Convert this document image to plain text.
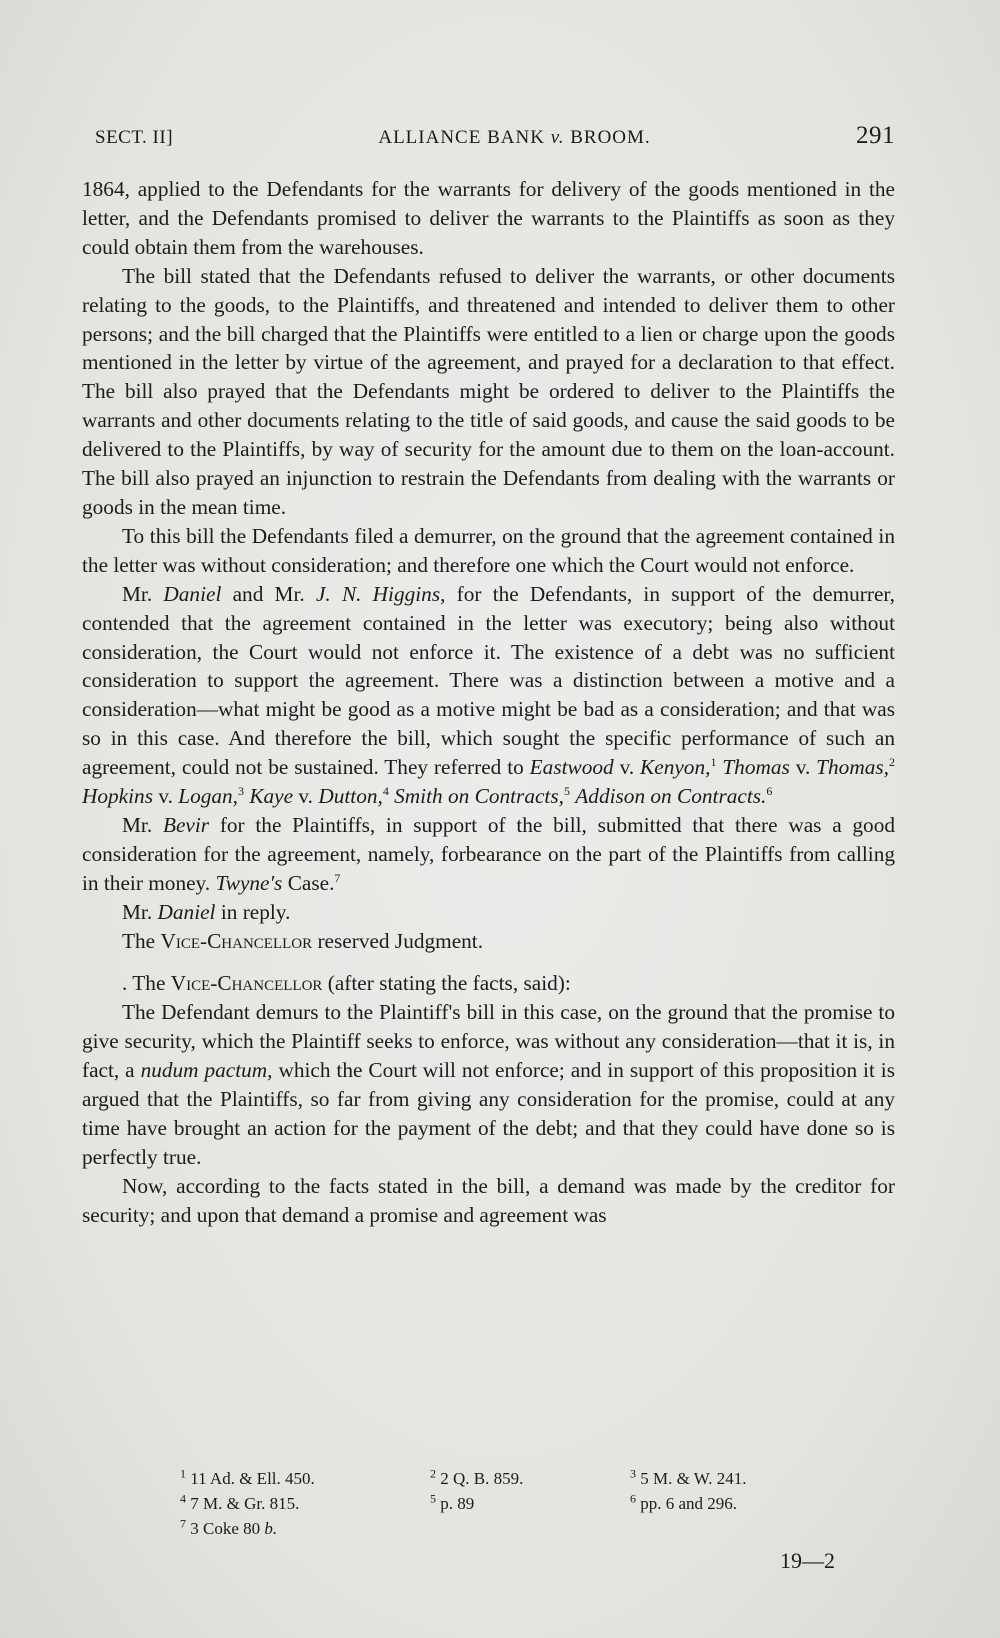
SECT. II]	ALLIANCE BANK v. BROOM.	291

1864, applied to the Defendants for the warrants for delivery of the goods mentioned in the letter, and the Defendants promised to deliver the warrants to the Plaintiffs as soon as they could obtain them from the warehouses.

The bill stated that the Defendants refused to deliver the warrants, or other documents relating to the goods, to the Plaintiffs, and threatened and intended to deliver them to other persons; and the bill charged that the Plaintiffs were entitled to a lien or charge upon the goods mentioned in the letter by virtue of the agreement, and prayed for a declaration to that effect. The bill also prayed that the Defendants might be ordered to deliver to the Plaintiffs the warrants and other documents relating to the title of said goods, and cause the said goods to be delivered to the Plaintiffs, by way of security for the amount due to them on the loan-account. The bill also prayed an injunction to restrain the Defendants from dealing with the warrants or goods in the mean time.

To this bill the Defendants filed a demurrer, on the ground that the agreement contained in the letter was without consideration; and therefore one which the Court would not enforce.

Mr. Daniel and Mr. J. N. Higgins, for the Defendants, in support of the demurrer, contended that the agreement contained in the letter was executory; being also without consideration, the Court would not enforce it. The existence of a debt was no sufficient consideration to support the agreement. There was a distinction between a motive and a consideration—what might be good as a motive might be bad as a consideration; and that was so in this case. And therefore the bill, which sought the specific performance of such an agreement, could not be sustained. They referred to Eastwood v. Kenyon,$^1$ Thomas v. Thomas,$^2$ Hopkins v. Logan,$^3$ Kaye v. Dutton,$^4$ Smith on Contracts,$^5$ Addison on Contracts.$^6$

Mr. Bevir for the Plaintiffs, in support of the bill, submitted that there was a good consideration for the agreement, namely, forbearance on the part of the Plaintiffs from calling in their money. Twyne's Case.$^7$

Mr. Daniel in reply.

The Vice-Chancellor reserved Judgment.

. The Vice-Chancellor (after stating the facts, said):

The Defendant demurs to the Plaintiff's bill in this case, on the ground that the promise to give security, which the Plaintiff seeks to enforce, was without any consideration—that it is, in fact, a nudum pactum, which the Court will not enforce; and in support of this proposition it is argued that the Plaintiffs, so far from giving any consideration for the promise, could at any time have brought an action for the payment of the debt; and that they could have done so is perfectly true.

Now, according to the facts stated in the bill, a demand was made by the creditor for security; and upon that demand a promise and agreement was

$^1$ 11 Ad. & Ell. 450.	$^2$ 2 Q. B. 859.	$^3$ 5 M. & W. 241.
$^4$ 7 M. & Gr. 815.	$^5$ p. 89	$^6$ pp. 6 and 296.
$^7$ 3 Coke 80 b.
19—2
